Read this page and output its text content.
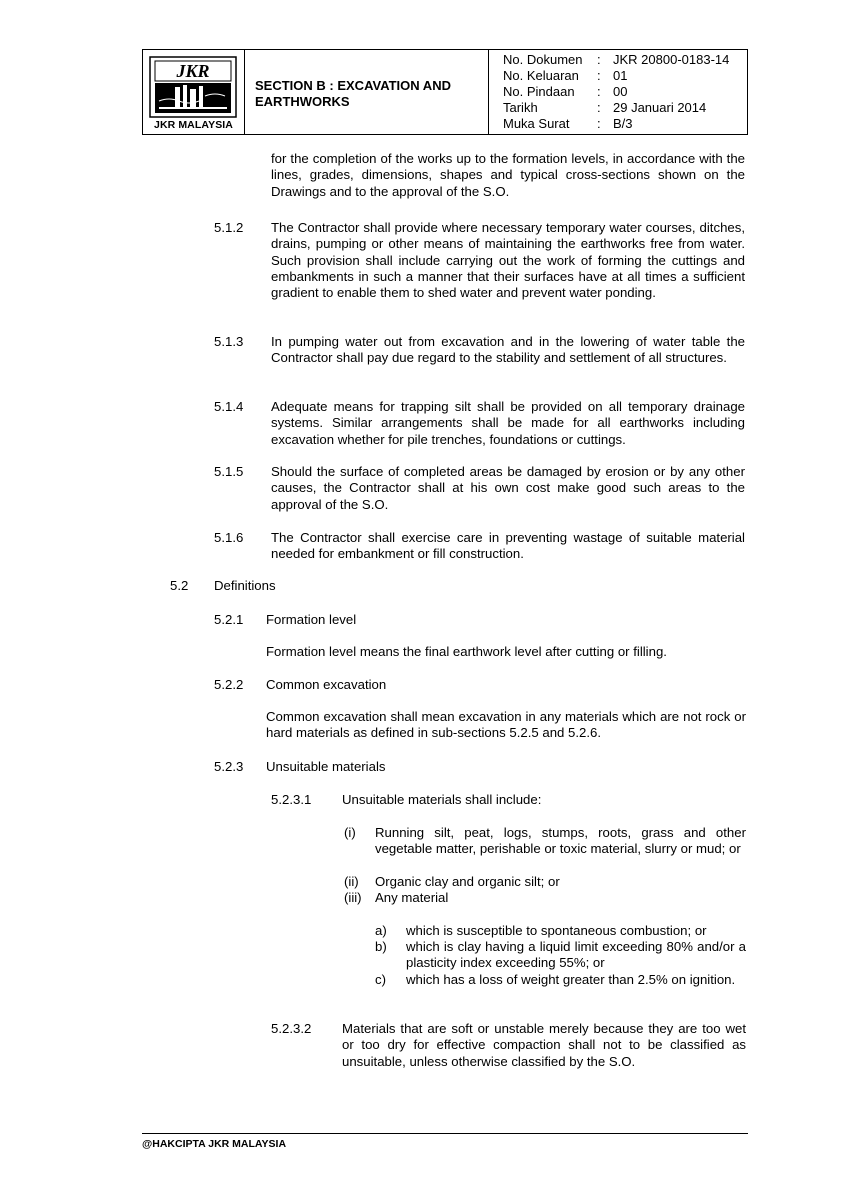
JKR
JKR MALAYSIA
SECTION B : EXCAVATION AND EARTHWORKS
No. Dokumen : JKR 20800-0183-14
No. Keluaran : 01
No. Pindaan : 00
Tarikh	: 29 Januari 2014
Muka Surat : B/3
for the completion of the works up to the formation levels, in accordance with the lines, grades, dimensions, shapes and typical cross-sections shown on the Drawings and to the approval of the S.O.
5.1.2 The Contractor shall provide where necessary temporary water courses, ditches, drains, pumping or other means of maintaining the earthworks free from water. Such provision shall include carrying out the work of forming the cuttings and embankments in such a manner that their surfaces have at all times a sufficient gradient to enable them to shed water and prevent water ponding.
5.1.3 In pumping water out from excavation and in the lowering of water table the Contractor shall pay due regard to the stability and settlement of all structures.
5.1.4 Adequate means for trapping silt shall be provided on all temporary drainage systems. Similar arrangements shall be made for all earthworks including excavation whether for pile trenches, foundations or cuttings.
5.1.5 Should the surface of completed areas be damaged by erosion or by any other causes, the Contractor shall at his own cost make good such areas to the approval of the S.O.
5.1.6 The Contractor shall exercise care in preventing wastage of suitable material needed for embankment or fill construction.
5.2 Definitions
5.2.1 Formation level
Formation level means the final earthwork level after cutting or filling.
5.2.2 Common excavation
Common excavation shall mean excavation in any materials which are not rock or hard materials as defined in sub-sections 5.2.5 and 5.2.6.
5.2.3 Unsuitable materials
5.2.3.1 Unsuitable materials shall include:
(i) Running silt, peat, logs, stumps, roots, grass and other vegetable matter, perishable or toxic material, slurry or mud; or
(ii) Organic clay and organic silt; or
(iii) Any material
a) which is susceptible to spontaneous combustion; or
b) which is clay having a liquid limit exceeding 80% and/or a plasticity index exceeding 55%; or
c) which has a loss of weight greater than 2.5% on ignition.
5.2.3.2 Materials that are soft or unstable merely because they are too wet or too dry for effective compaction shall not to be classified as unsuitable, unless otherwise classified by the S.O.
@HAKCIPTA JKR MALAYSIA
